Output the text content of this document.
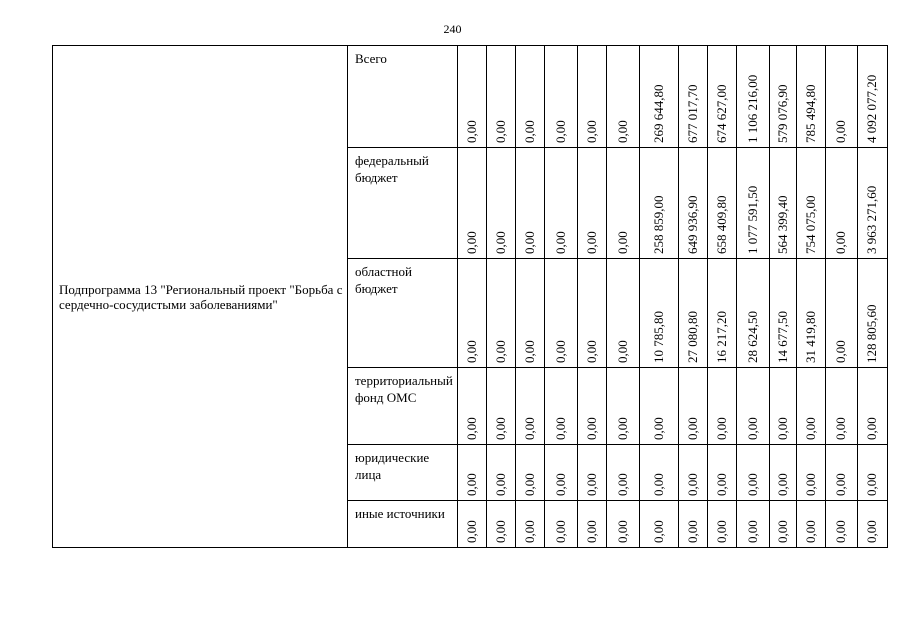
240
Подпрограмма 13 "Региональный проект "Борьба с сердечно-сосудистыми заболеваниями"	Всего	0,00	0,00	0,00	0,00	0,00	0,00	269 644,80	677 017,70	674 627,00	1 106 216,00	579 076,90	785 494,80	0,00	4 092 077,20

	федеральный бюджет	0,00	0,00	0,00	0,00	0,00	0,00	258 859,00	649 936,90	658 409,80	1 077 591,50	564 399,40	754 075,00	0,00	3 963 271,60

	областной бюджет	0,00	0,00	0,00	0,00	0,00	0,00	10 785,80	27 080,80	16 217,20	28 624,50	14 677,50	31 419,80	0,00	128 805,60

	территориальный фонд ОМС	0,00	0,00	0,00	0,00	0,00	0,00	0,00	0,00	0,00	0,00	0,00	0,00	0,00	0,00

	юридические лица	0,00	0,00	0,00	0,00	0,00	0,00	0,00	0,00	0,00	0,00	0,00	0,00	0,00	0,00

	иные источники	0,00	0,00	0,00	0,00	0,00	0,00	0,00	0,00	0,00	0,00	0,00	0,00	0,00	0,00
